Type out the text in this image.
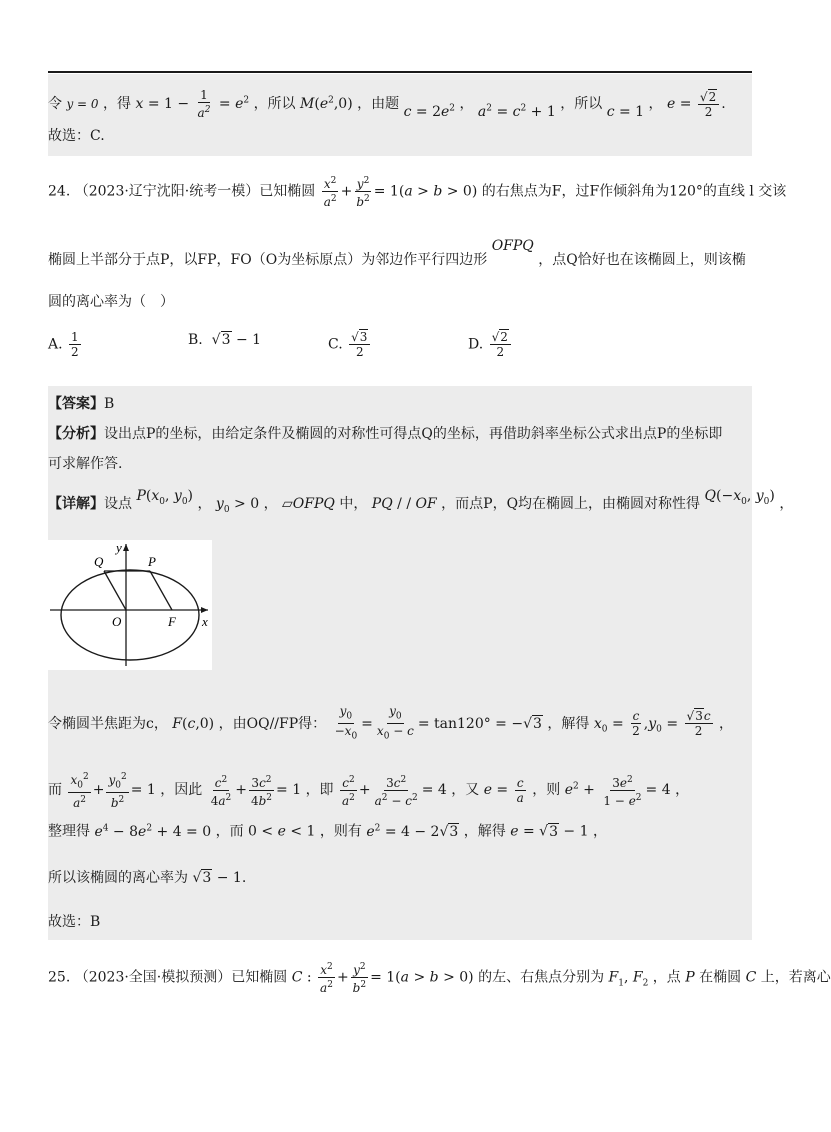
令 y = 0 ，得 $x = 1 - \frac{1}{a^2} = e^2$ ，所以 $M(e^2,0)$ ，由题 $c = 2e^2$ ， $a^2 = c^2 + 1$ ，所以 c = 1 ， $e = \frac{√2}{2}$ .
故选：C.
24. （2023·辽宁沈阳·统考一模）已知椭圆 $\frac{x^2}{a^2} + \frac{y^2}{b^2} = 1(a > b > 0)$ 的右焦点为F，过F作倾斜角为120°的直线 l 交该
椭圆上半部分于点P，以FP，FO（O为坐标原点）为邻边作平行四边形 OFPQ ，点Q恰好也在该椭圆上，则该椭
圆的离心率为（　）
A. $\frac{1}{2}$	B.  √3 − 1	C. $\frac{√3}{2}$	D. $\frac{√2}{2}$
【答案】B
【分析】设出点P的坐标，由给定条件及椭圆的对称性可得点Q的坐标，再借助斜率坐标公式求出点P的坐标即
可求解作答.
【详解】设点 $P(x_0$, $y_0$) ， $y_0 > 0$ ， ▱OFPQ 中， PQ / / OF ，而点P，Q均在椭圆上，由椭圆对称性得 $Q(-x_0$, $y_0$) ，
Q	P
O	F x
y
令椭圆半焦距为c， F(c,0) ，由OQ//FP得： $\frac{y_0}{-x_0} = \frac{y_0}{x_0 - c} = \tan 120^\circ = -√3$ ，解得 $x_0 = \frac{c}{2} ,y_0 = \frac{√3c}{2}$ ，
而 $\frac{x_0^2}{a^2} + \frac{y_0^2}{b^2} = 1$ ，因此 $\frac{c^2}{4a^2} + \frac{3c^2}{4b^2} = 1$ ，即 $\frac{c^2}{a^2} + \frac{3c^2}{a^2 - c^2} = 4$ ，又 $e = \frac{c}{a}$ ，则 $e^2 + \frac{3e^2}{1 - e^2} = 4$ ，
整理得 $e^4 - 8e^2 + 4 = 0$ ，而 0 < e < 1 ，则有 $e^2 = 4 - 2√3$ ，解得 e = √3 − 1 ，
所以该椭圆的离心率为 √3 − 1.
故选：B
25. （2023·全国·模拟预测）已知椭圆 C : $\frac{x^2}{a^2} + \frac{y^2}{b^2} = 1(a > b > 0)$ 的左、右焦点分别为 $F_1$, $F_2$ ，点 P 在椭圆 C 上，若离心
